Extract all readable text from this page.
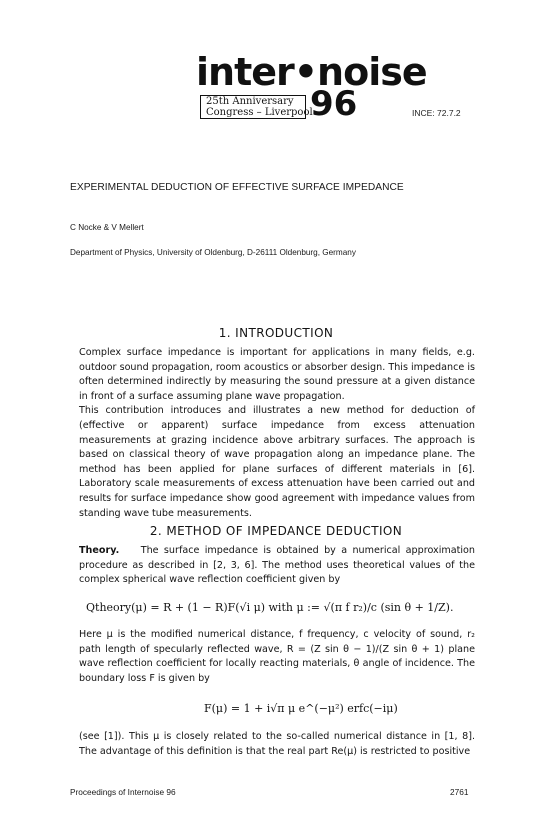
inter•noise
25th Anniversary
Congress – Liverpool
96	INCE: 72.7.2
EXPERIMENTAL DEDUCTION OF EFFECTIVE SURFACE IMPEDANCE
C Nocke & V Mellert
Department of Physics, University of Oldenburg, D-26111 Oldenburg, Germany
1. INTRODUCTION

Complex surface impedance is important for applications in many fields, e.g. outdoor sound propagation, room acoustics or absorber design. This impedance is often determined indirectly by measuring the sound pressure at a given distance in front of a surface assuming plane wave propagation.

This contribution introduces and illustrates a new method for deduction of (effective or apparent) surface impedance from excess attenuation measurements at grazing incidence above arbitrary surfaces. The approach is based on classical theory of wave propagation along an impedance plane. The method has been applied for plane surfaces of different materials in [6]. Laboratory scale measurements of excess attenuation have been carried out and results for surface impedance show good agreement with impedance values from standing wave tube measurements.

2. METHOD OF IMPEDANCE DEDUCTION

Theory. The surface impedance is obtained by a numerical approximation procedure as described in [2, 3, 6]. The method uses theoretical values of the complex spherical wave reflection coefficient given by

Qtheory(μ) = R + (1 − R)F(√i μ) with μ := √(π f r₂)/c (sin θ + 1/Z).

Here μ is the modified numerical distance, f frequency, c velocity of sound, r₂ path length of specularly reflected wave, R = (Z sin θ − 1)/(Z sin θ + 1) plane wave reflection coefficient for locally reacting materials, θ angle of incidence. The boundary loss F is given by

F(μ) = 1 + i√π μ e^(−μ²) erfc(−iμ)

(see [1]). This μ is closely related to the so-called numerical distance in [1, 8]. The advantage of this definition is that the real part Re(μ) is restricted to positive

Proceedings of Internoise 96	2761
